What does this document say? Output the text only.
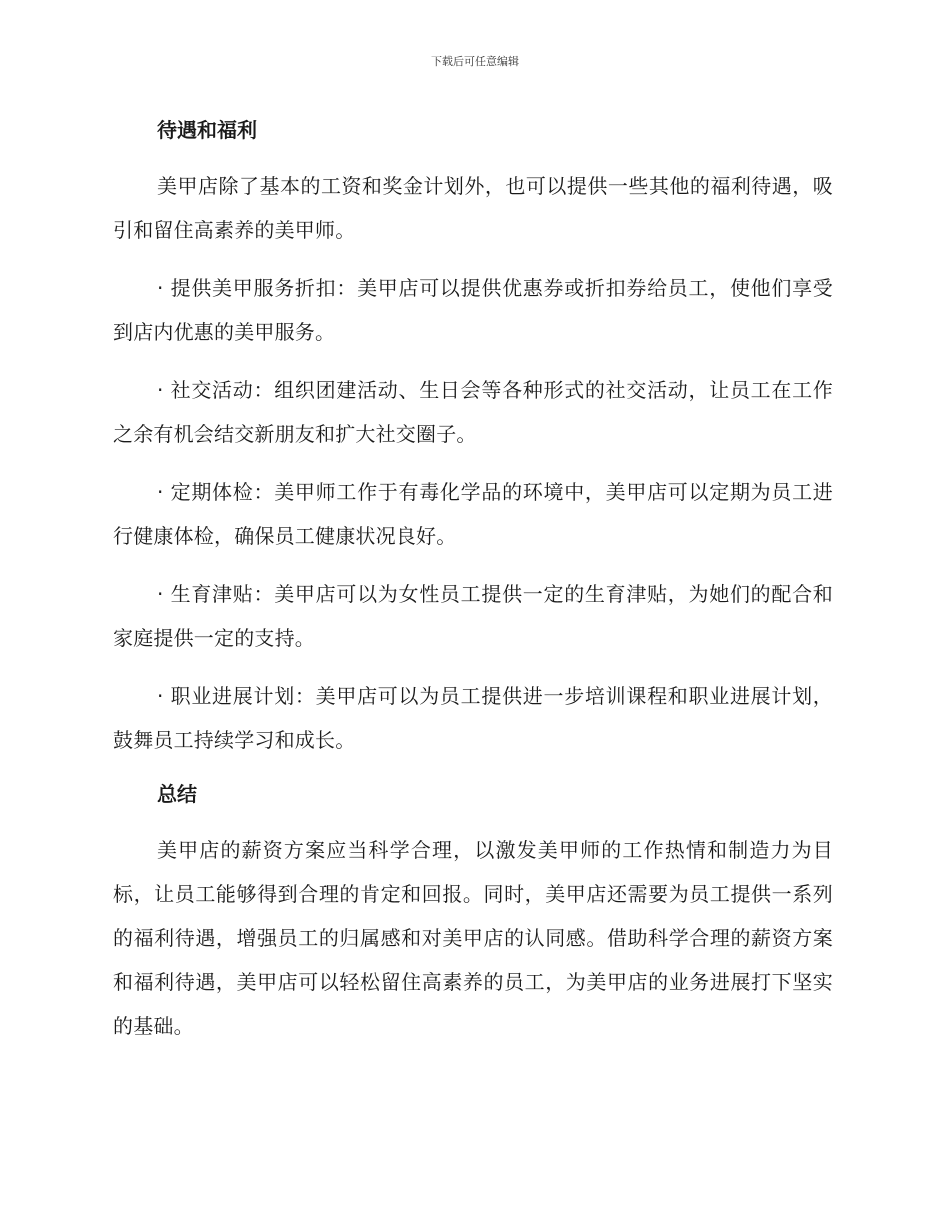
下载后可任意编辑
待遇和福利

美甲店除了基本的工资和奖金计划外，也可以提供一些其他的福利待遇，吸引和留住高素养的美甲师。

· 提供美甲服务折扣：美甲店可以提供优惠券或折扣券给员工，使他们享受到店内优惠的美甲服务。

· 社交活动：组织团建活动、生日会等各种形式的社交活动，让员工在工作之余有机会结交新朋友和扩大社交圈子。

· 定期体检：美甲师工作于有毒化学品的环境中，美甲店可以定期为员工进行健康体检，确保员工健康状况良好。

· 生育津贴：美甲店可以为女性员工提供一定的生育津贴，为她们的配合和家庭提供一定的支持。

· 职业进展计划：美甲店可以为员工提供进一步培训课程和职业进展计划，鼓舞员工持续学习和成长。

总结

美甲店的薪资方案应当科学合理，以激发美甲师的工作热情和制造力为目标，让员工能够得到合理的肯定和回报。同时，美甲店还需要为员工提供一系列的福利待遇，增强员工的归属感和对美甲店的认同感。借助科学合理的薪资方案和福利待遇，美甲店可以轻松留住高素养的员工，为美甲店的业务进展打下坚实的基础。
